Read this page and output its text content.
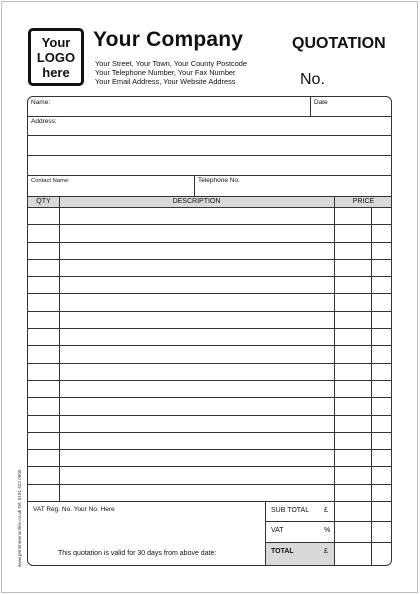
Your
LOGO
here
Your Company
Your Street, Your Town, Your County Postcode
Your Telephone Number, Your Fax Number
Your Email Address, Your Website Address
QUOTATION
No.
Name:	Date
Address:
Contact Name:	Telephone No.
QTY	DESCRIPTION	PRICE
VAT Reg. No. Your No. Here
This quotation is valid for 30 days from above date:
SUB TOTAL £
VAT	%
TOTAL	£
www.printmeamonline.co.uk Tel: 0191 422 0900
